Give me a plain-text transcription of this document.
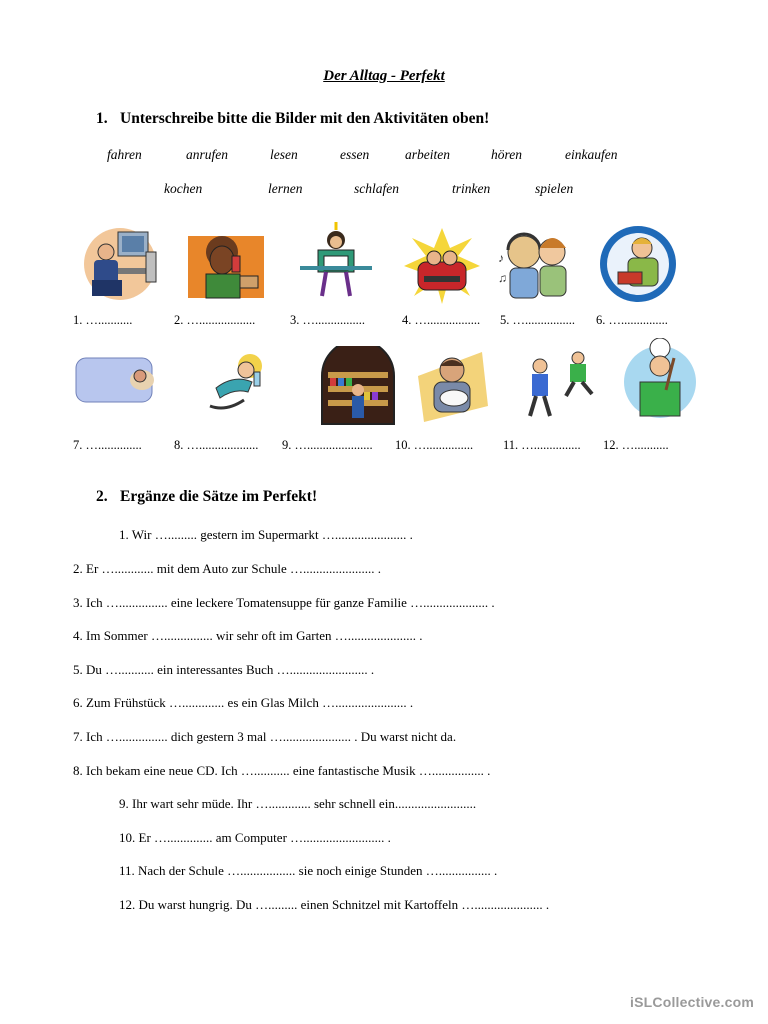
Der Alltag - Perfekt
1. Unterschreibe bitte die Bilder mit den Aktivitäten oben!
fahren	anrufen	lesen	essen	arbeiten	hören	einkaufen
kochen	lernen	schlafen	trinken	spielen
♪
♫
1. …...........	2. …..................	3. …................	4. …................. 5. …................ 6. …...............
7. …..............	8. …................... 9. …..................... 10. …............... 11. …............... 12. …...........
2. Ergänze die Sätze im Perfekt!
1. Wir …......... gestern im Supermarkt …...................... .
2. Er …............ mit dem Auto zur Schule …...................... .
3. Ich …............... eine leckere Tomatensuppe für ganze Familie ….................... .
4. Im Sommer …............... wir sehr oft im Garten …..................... .
5. Du …........... ein interessantes Buch …........................ .
6. Zum Frühstück …............. es ein Glas Milch …...................... .
7. Ich …............... dich gestern 3 mal …..................... . Du warst nicht da.
8. Ich bekam eine neue CD. Ich …........... eine fantastische Musik …................ .
9. Ihr wart sehr müde. Ihr …............. sehr schnell ein.........................
10. Er ….............. am Computer …......................... .
11. Nach der Schule …................. sie noch einige Stunden …................ .
12. Du warst hungrig. Du …......... einen Schnitzel mit Kartoffeln …..................... .
iSLCollective.com
